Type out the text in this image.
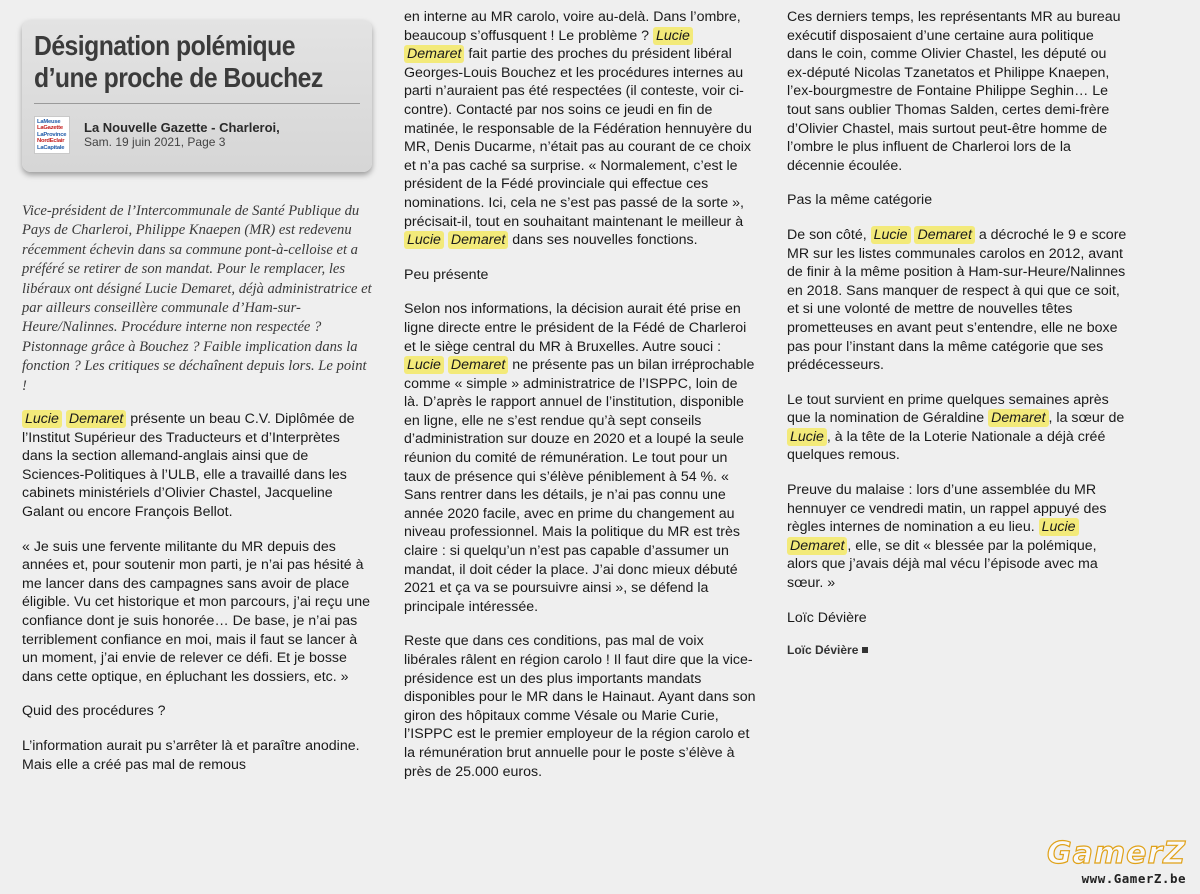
Désignation polémique
d’une proche de Bouchez
LaMeuse
LaGazette
LaProvince
NordEclair
LaCapitale
La Nouvelle Gazette - Charleroi,
Sam. 19 juin 2021, Page 3

Vice-président de l’Intercommunale de Santé Publique du Pays de Charleroi, Philippe Knaepen (MR) est redevenu récemment échevin dans sa commune pont-à-celloise et a préféré se retirer de son mandat. Pour le remplacer, les libéraux ont désigné Lucie Demaret, déjà administratrice et par ailleurs conseillère communale d’Ham-sur-Heure/Nalinnes. Procédure interne non respectée ? Pistonnage grâce à Bouchez ? Faible implication dans la fonction ? Les critiques se déchaînent depuis lors. Le point !

Lucie Demaret présente un beau C.V. Diplômée de l’Institut Supérieur des Traducteurs et d’Interprètes dans la section allemand-anglais ainsi que de Sciences-Politiques à l’ULB, elle a travaillé dans les cabinets ministériels d’Olivier Chastel, Jacqueline Galant ou encore François Bellot.

« Je suis une fervente militante du MR depuis des années et, pour soutenir mon parti, je n’ai pas hésité à me lancer dans des campagnes sans avoir de place éligible. Vu cet historique et mon parcours, j’ai reçu une confiance dont je suis honorée… De base, je n’ai pas terriblement confiance en moi, mais il faut se lancer à un moment, j’ai envie de relever ce défi. Et je bosse dans cette optique, en épluchant les dossiers, etc. »

Quid des procédures ?

L’information aurait pu s’arrêter là et paraître anodine. Mais elle a créé pas mal de remous

en interne au MR carolo, voire au-delà. Dans l’ombre, beaucoup s’offusquent ! Le problème ? Lucie Demaret fait partie des proches du président libéral Georges-Louis Bouchez et les procédures internes au parti n’auraient pas été respectées (il conteste, voir ci-contre). Contacté par nos soins ce jeudi en fin de matinée, le responsable de la Fédération hennuyère du MR, Denis Ducarme, n’était pas au courant de ce choix et n’a pas caché sa surprise. « Normalement, c’est le président de la Fédé provinciale qui effectue ces nominations. Ici, cela ne s’est pas passé de la sorte », précisait-il, tout en souhaitant maintenant le meilleur à Lucie Demaret dans ses nouvelles fonctions.

Peu présente

Selon nos informations, la décision aurait été prise en ligne directe entre le président de la Fédé de Charleroi et le siège central du MR à Bruxelles. Autre souci : Lucie Demaret ne présente pas un bilan irréprochable comme « simple » administratrice de l’ISPPC, loin de là. D’après le rapport annuel de l’institution, disponible en ligne, elle ne s’est rendue qu’à sept conseils d’administration sur douze en 2020 et a loupé la seule réunion du comité de rémunération. Le tout pour un taux de présence qui s’élève péniblement à 54 %. « Sans rentrer dans les détails, je n’ai pas connu une année 2020 facile, avec en prime du changement au niveau professionnel. Mais la politique du MR est très claire : si quelqu’un n’est pas capable d’assumer un mandat, il doit céder la place. J’ai donc mieux débuté 2021 et ça va se poursuivre ainsi », se défend la principale intéressée.

Reste que dans ces conditions, pas mal de voix libérales râlent en région carolo ! Il faut dire que la vice-présidence est un des plus importants mandats disponibles pour le MR dans le Hainaut. Ayant dans son giron des hôpitaux comme Vésale ou Marie Curie, l’ISPPC est le premier employeur de la région carolo et la rémunération brut annuelle pour le poste s’élève à près de 25.000 euros.

Ces derniers temps, les représentants MR au bureau exécutif disposaient d’une certaine aura politique dans le coin, comme Olivier Chastel, les député ou ex-député Nicolas Tzanetatos et Philippe Knaepen, l’ex-bourgmestre de Fontaine Philippe Seghin… Le tout sans oublier Thomas Salden, certes demi-frère d’Olivier Chastel, mais surtout peut-être homme de l’ombre le plus influent de Charleroi lors de la décennie écoulée.

Pas la même catégorie

De son côté, Lucie Demaret a décroché le 9 e score MR sur les listes communales carolos en 2012, avant de finir à la même position à Ham-sur-Heure/Nalinnes en 2018. Sans manquer de respect à qui que ce soit, et si une volonté de mettre de nouvelles têtes prometteuses en avant peut s’entendre, elle ne boxe pas pour l’instant dans la même catégorie que ses prédécesseurs.

Le tout survient en prime quelques semaines après que la nomination de Géraldine Demaret , la sœur de Lucie , à la tête de la Loterie Nationale a déjà créé quelques remous.

Preuve du malaise : lors d’une assemblée du MR hennuyer ce vendredi matin, un rappel appuyé des règles internes de nomination a eu lieu. Lucie
Demaret , elle, se dit « blessée par la polémique, alors que j’avais déjà mal vécu l’épisode avec ma sœur. »

Loïc Dévière

Loïc Dévière
GamerZ
www.GamerZ.be
